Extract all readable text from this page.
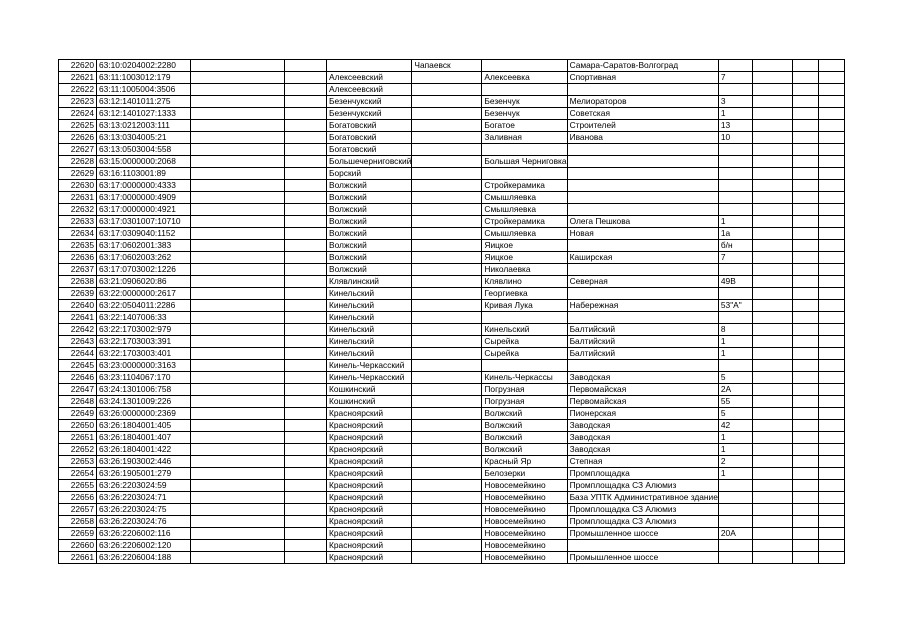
22620	63:10:0204002:2280				Чапаевск		Самара-Саратов-Волгоград				
22621	63:11:1003012:179			Алексеевский		Алексеевка	Спортивная	7			
22622	63:11:1005004:3506			Алексеевский							
22623	63:12:1401011:275			Безенчукский		Безенчук	Мелиораторов	3			
22624	63:12:1401027:1333			Безенчукский		Безенчук	Советская	1			
22625	63:13:0212003:111			Богатовский		Богатое	Строителей	13			
22626	63:13:0304005:21			Богатовский		Заливная	Иванова	10			
22627	63:13:0503004:558			Богатовский							
22628	63:15:0000000:2068			Большечерниговский		Большая Черниговка					
22629	63:16:1103001:89			Борский							
22630	63:17:0000000:4333			Волжский		Стройкерамика					
22631	63:17:0000000:4909			Волжский		Смышляевка					
22632	63:17:0000000:4921			Волжский		Смышляевка					
22633	63:17:0301007:10710			Волжский		Стройкерамика	Олега Пешкова	1			
22634	63:17:0309040:1152			Волжский		Смышляевка	Новая	1а			
22635	63:17:0602001:383			Волжский		Яицкое		б/н			
22636	63:17:0602003:262			Волжский		Яицкое	Каширская	7			
22637	63:17:0703002:1226			Волжский		Николаевка					
22638	63:21:0906020:86			Клявлинский		Клявлино	Северная	49В			
22639	63:22:0000000:2617			Кинельский		Георгиевка					
22640	63:22:0504011:2286			Кинельский		Кривая Лука	Набережная	53"А"			
22641	63:22:1407006:33			Кинельский							
22642	63:22:1703002:979			Кинельский		Кинельский	Балтийский	8			
22643	63:22:1703003:391			Кинельский		Сырейка	Балтийский	1			
22644	63:22:1703003:401			Кинельский		Сырейка	Балтийский	1			
22645	63:23:0000000:3163			Кинель-Черкасский							
22646	63:23:1104067:170			Кинель-Черкасский		Кинель-Черкассы	Заводская	5			
22647	63:24:1301006:758			Кошкинский		Погрузная	Первомайская	2А			
22648	63:24:1301009:226			Кошкинский		Погрузная	Первомайская	55			
22649	63:26:0000000:2369			Красноярский		Волжский	Пионерская	5			
22650	63:26:1804001:405			Красноярский		Волжский	Заводская	42			
22651	63:26:1804001:407			Красноярский		Волжский	Заводская	1			
22652	63:26:1804001:422			Красноярский		Волжский	Заводская	1			
22653	63:26:1903002:446			Красноярский		Красный Яр	Степная	2			
22654	63:26:1905001:279			Красноярский		Белозерки	Промплощадка	1			
22655	63:26:2203024:59			Красноярский		Новосемейкино	Промплощадка СЗ Алюмиз				
22656	63:26:2203024:71			Красноярский		Новосемейкино	База УПТК Административное здание				
22657	63:26:2203024:75			Красноярский		Новосемейкино	Промплощадка СЗ Алюмиз				
22658	63:26:2203024:76			Красноярский		Новосемейкино	Промплощадка СЗ Алюмиз				
22659	63:26:2206002:116			Красноярский		Новосемейкино	Промышленное шоссе	20А			
22660	63:26:2206002:120			Красноярский		Новосемейкино					
22661	63:26:2206004:188			Красноярский		Новосемейкино	Промышленное шоссе				
